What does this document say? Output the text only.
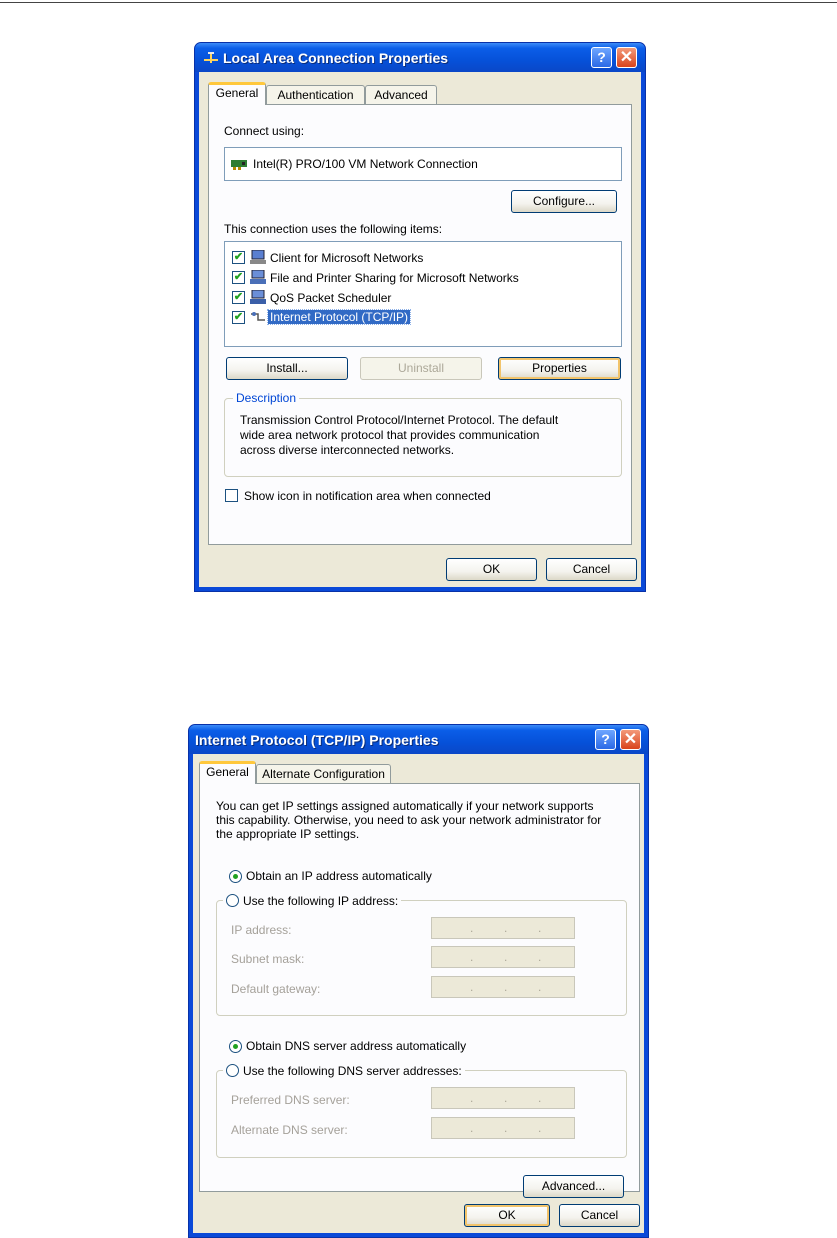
Local Area Connection Properties	? ✕
General	Authentication	Advanced
Connect using:
Intel(R) PRO/100 VM Network Connection
Configure...
This connection uses the following items:
✔ Client for Microsoft Networks
✔ File and Printer Sharing for Microsoft Networks
✔ QoS Packet Scheduler
✔ Internet Protocol (TCP/IP)
Install...	Uninstall	Properties
Description
Transmission Control Protocol/Internet Protocol. The default
wide area network protocol that provides communication
across diverse interconnected networks.
Show icon in notification area when connected
OK	Cancel
Internet Protocol (TCP/IP) Properties	? ✕
General	Alternate Configuration
You can get IP settings assigned automatically if your network supports
this capability. Otherwise, you need to ask your network administrator for
the appropriate IP settings.
Obtain an IP address automatically
Use the following IP address:
IP address:	.	.	.
Subnet mask:	.	.	.
Default gateway:	.	.	.
Obtain DNS server address automatically
Use the following DNS server addresses:
Preferred DNS server:	.	.	.
Alternate DNS server:	.	.	.
Advanced...
OK	Cancel
